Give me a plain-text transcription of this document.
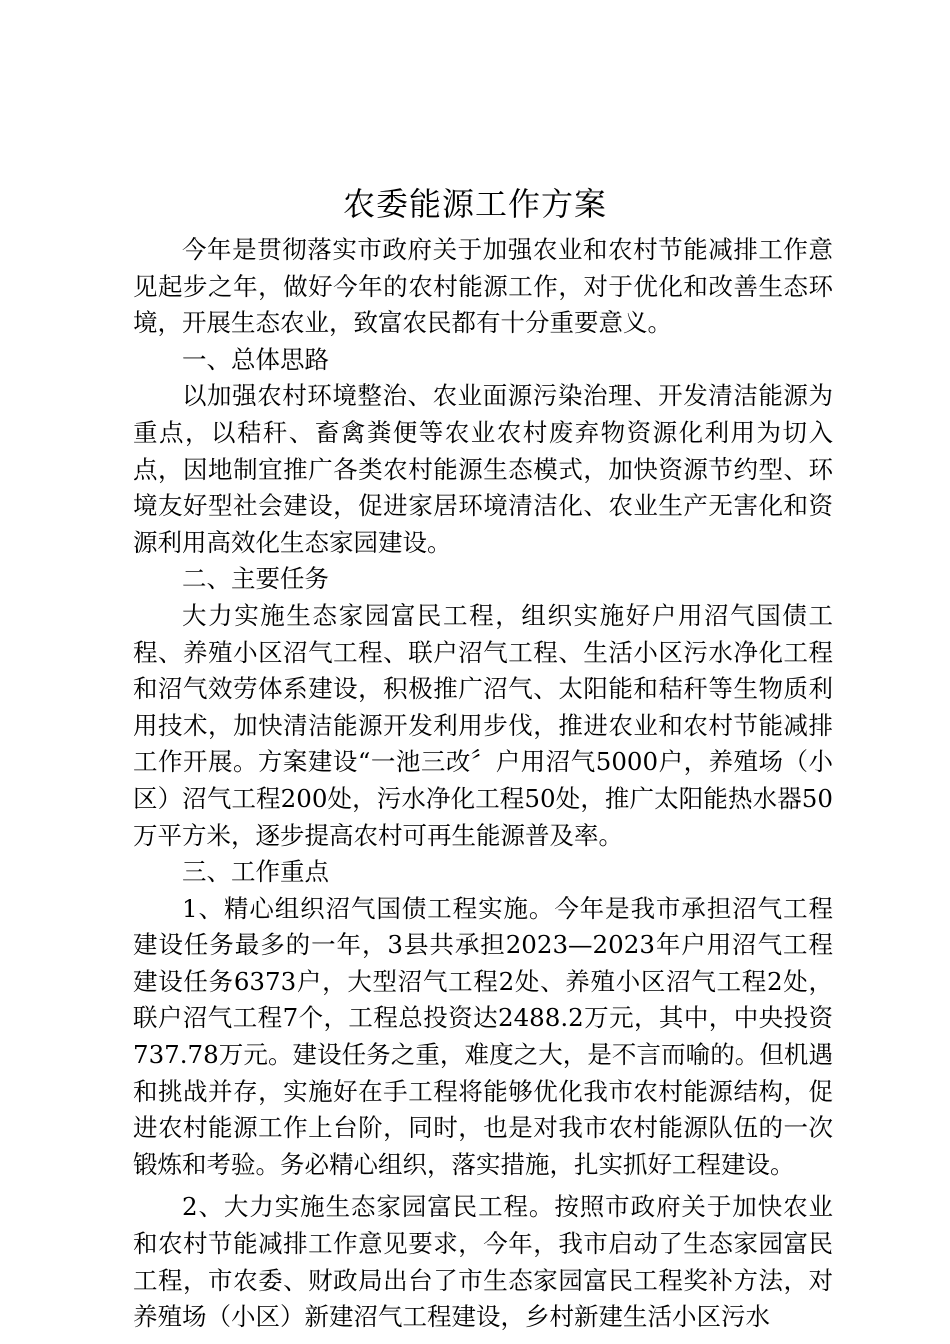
农委能源工作方案

今年是贯彻落实市政府关于加强农业和农村节能减排工作意见起步之年，做好今年的农村能源工作，对于优化和改善生态环境，开展生态农业，致富农民都有十分重要意义。

一、总体思路

以加强农村环境整治、农业面源污染治理、开发清洁能源为重点，以秸秆、畜禽粪便等农业农村废弃物资源化利用为切入点，因地制宜推广各类农村能源生态模式，加快资源节约型、环境友好型社会建设，促进家居环境清洁化、农业生产无害化和资源利用高效化生态家园建设。

二、主要任务

大力实施生态家园富民工程，组织实施好户用沼气国债工程、养殖小区沼气工程、联户沼气工程、生活小区污水净化工程和沼气效劳体系建设，积极推广沼气、太阳能和秸秆等生物质利用技术，加快清洁能源开发利用步伐，推进农业和农村节能减排工作开展。方案建设“一池三改〞户用沼气5000户，养殖场（小区）沼气工程200处，污水净化工程50处，推广太阳能热水器50万平方米，逐步提高农村可再生能源普及率。

三、工作重点

1、精心组织沼气国债工程实施。今年是我市承担沼气工程建设任务最多的一年，3县共承担2023—2023年户用沼气工程建设任务6373户，大型沼气工程2处、养殖小区沼气工程2处，联户沼气工程7个，工程总投资达2488.2万元，其中，中央投资737.78万元。建设任务之重，难度之大，是不言而喻的。但机遇和挑战并存，实施好在手工程将能够优化我市农村能源结构，促进农村能源工作上台阶，同时，也是对我市农村能源队伍的一次锻炼和考验。务必精心组织，落实措施，扎实抓好工程建设。

2、大力实施生态家园富民工程。按照市政府关于加快农业和农村节能减排工作意见要求，今年，我市启动了生态家园富民工程，市农委、财政局出台了市生态家园富民工程奖补方法，对养殖场（小区）新建沼气工程建设，乡村新建生活小区污水
